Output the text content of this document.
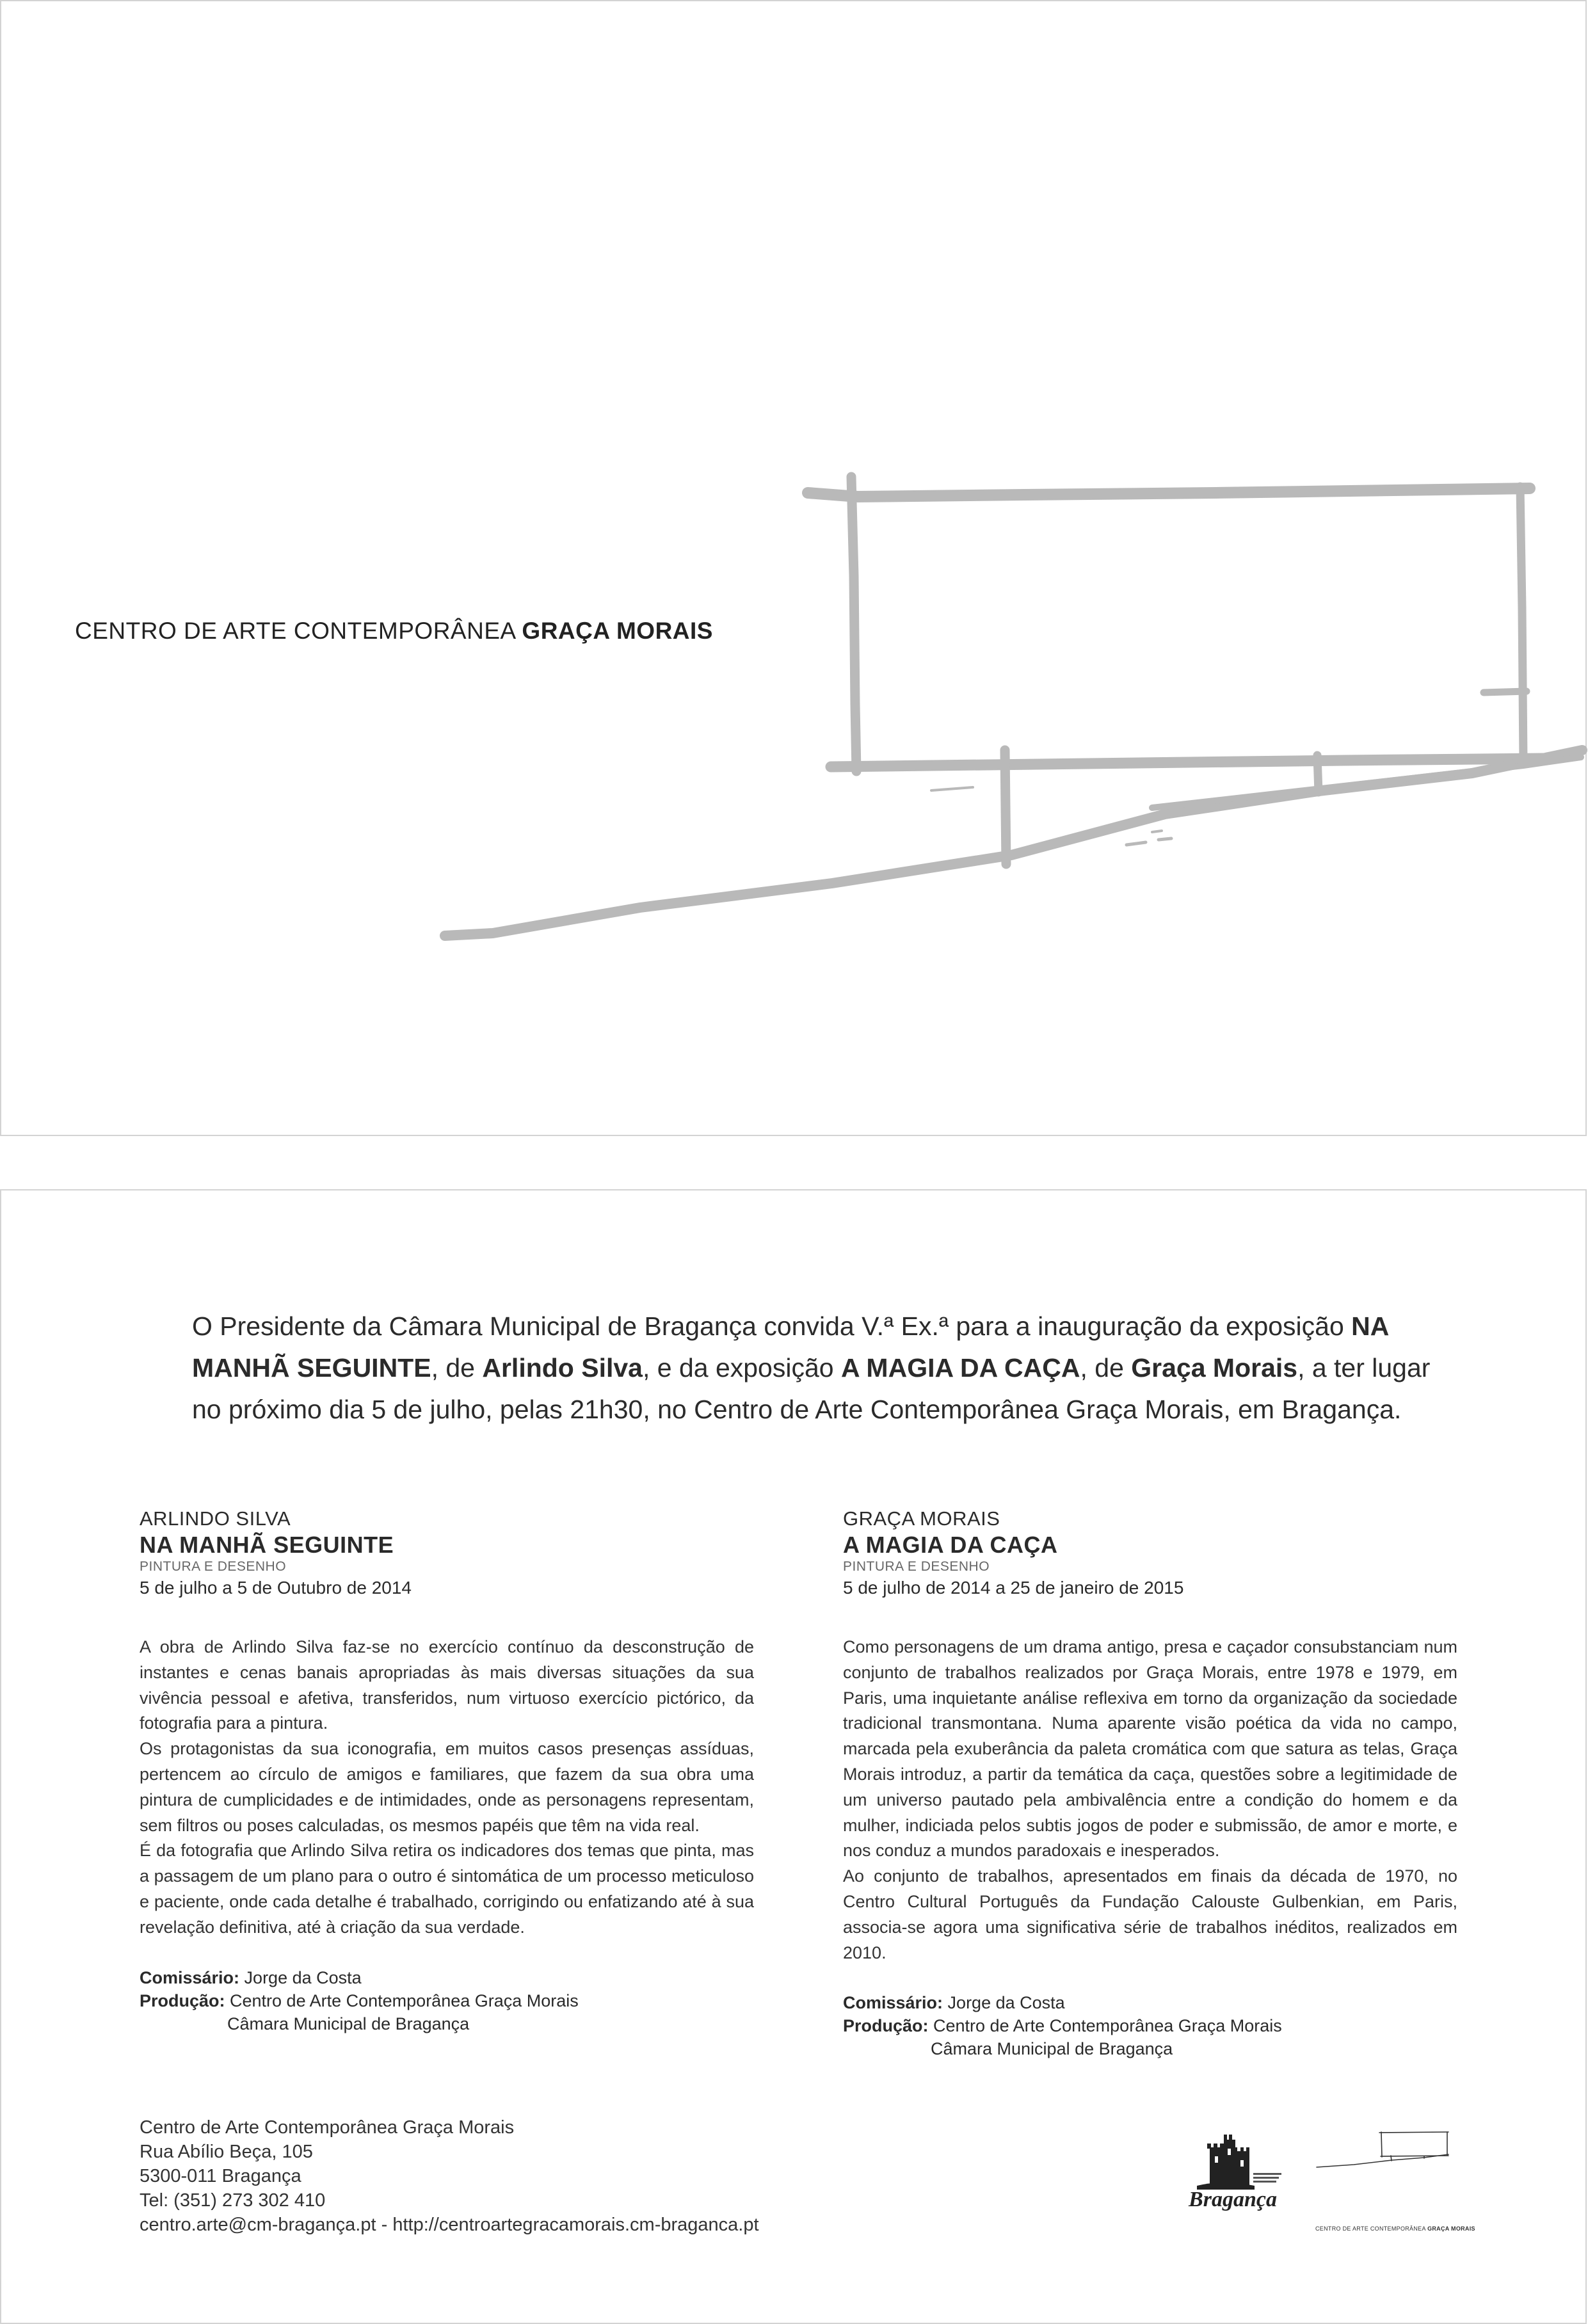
CENTRO DE ARTE CONTEMPORÂNEA GRAÇA MORAIS
O Presidente da Câmara Municipal de Bragança convida V.ª Ex.ª para a inauguração da exposição NA MANHÃ SEGUINTE, de Arlindo Silva, e da exposição A MAGIA DA CAÇA, de Graça Morais, a ter lugar no próximo dia 5 de julho, pelas 21h30, no Centro de Arte Contemporânea Graça Morais, em Bragança.
ARLINDO SILVA
NA MANHÃ SEGUINTE
PINTURA E DESENHO
5 de julho a 5 de Outubro de 2014

A obra de Arlindo Silva faz-se no exercício contínuo da desconstrução de instantes e cenas banais apropriadas às mais diversas situações da sua vivência pessoal e afetiva, transferidos, num virtuoso exercício pictórico, da fotografia para a pintura.

Os protagonistas da sua iconografia, em muitos casos presenças assíduas, pertencem ao círculo de amigos e familiares, que fazem da sua obra uma pintura de cumplicidades e de intimidades, onde as personagens representam, sem filtros ou poses calculadas, os mesmos papéis que têm na vida real.

É da fotografia que Arlindo Silva retira os indicadores dos temas que pinta, mas a passagem de um plano para o outro é sintomática de um processo meticuloso e paciente, onde cada detalhe é trabalhado, corrigindo ou enfatizando até à sua revelação definitiva, até à criação da sua verdade.

Comissário: Jorge da Costa
Produção: Centro de Arte Contemporânea Graça Morais
Câmara Municipal de Bragança
GRAÇA MORAIS
A MAGIA DA CAÇA
PINTURA E DESENHO
5 de julho de 2014 a 25 de janeiro de 2015

Como personagens de um drama antigo, presa e caçador consubstanciam num conjunto de trabalhos realizados por Graça Morais, entre 1978 e 1979, em Paris, uma inquietante análise reflexiva em torno da organização da sociedade tradicional transmontana. Numa aparente visão poética da vida no campo, marcada pela exuberância da paleta cromática com que satura as telas, Graça Morais introduz, a partir da temática da caça, questões sobre a legitimidade de um universo pautado pela ambivalência entre a condição do homem e da mulher, indiciada pelos subtis jogos de poder e submissão, de amor e morte, e nos conduz a mundos paradoxais e inesperados.

Ao conjunto de trabalhos, apresentados em finais da década de 1970, no Centro Cultural Português da Fundação Calouste Gulbenkian, em Paris, associa-se agora uma significativa série de trabalhos inéditos, realizados em 2010.

Comissário: Jorge da Costa
Produção: Centro de Arte Contemporânea Graça Morais
Câmara Municipal de Bragança
Centro de Arte Contemporânea Graça Morais
Rua Abílio Beça, 105
5300-011 Bragança
Tel: (351) 273 302 410
centro.arte@cm-bragança.pt - http://centroartegracamorais.cm-braganca.pt
Bragança
CENTRO DE ARTE CONTEMPORÂNEA GRAÇA MORAIS
